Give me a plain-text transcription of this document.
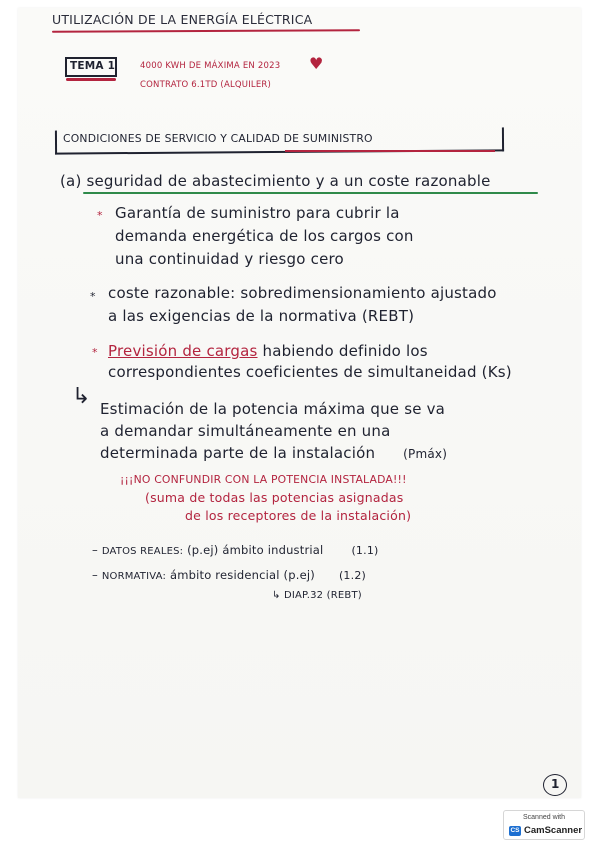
UTILIZACIÓN DE LA ENERGÍA ELÉCTRICA
TEMA 1	4000 KWH DE MÁXIMA EN 2023 ♥
CONTRATO 6.1TD (ALQUILER)
CONDICIONES DE SERVICIO Y CALIDAD DE SUMINISTRO
(a) seguridad de abastecimiento y a un coste razonable
* Garantía de suministro para cubrir la
demanda energética de los cargos con
una continuidad y riesgo cero
* coste razonable: sobredimensionamiento ajustado
a las exigencias de la normativa (REBT)
* Previsión de cargas habiendo definido los
correspondientes coeficientes de simultaneidad (Ks)
↳ Estimación de la potencia máxima que se va
a demandar simultáneamente en una
determinada parte de la instalación (Pmáx)
¡¡¡NO CONFUNDIR CON LA POTENCIA INSTALADA!!!
(suma de todas las potencias asignadas
de los receptores de la instalación)
– DATOS REALES: (p.ej) ámbito industrial	(1.1)
– NORMATIVA: ámbito residencial (p.ej) (1.2)
↳ DIAP.32 (REBT)
1
Scanned with
CS CamScanner
